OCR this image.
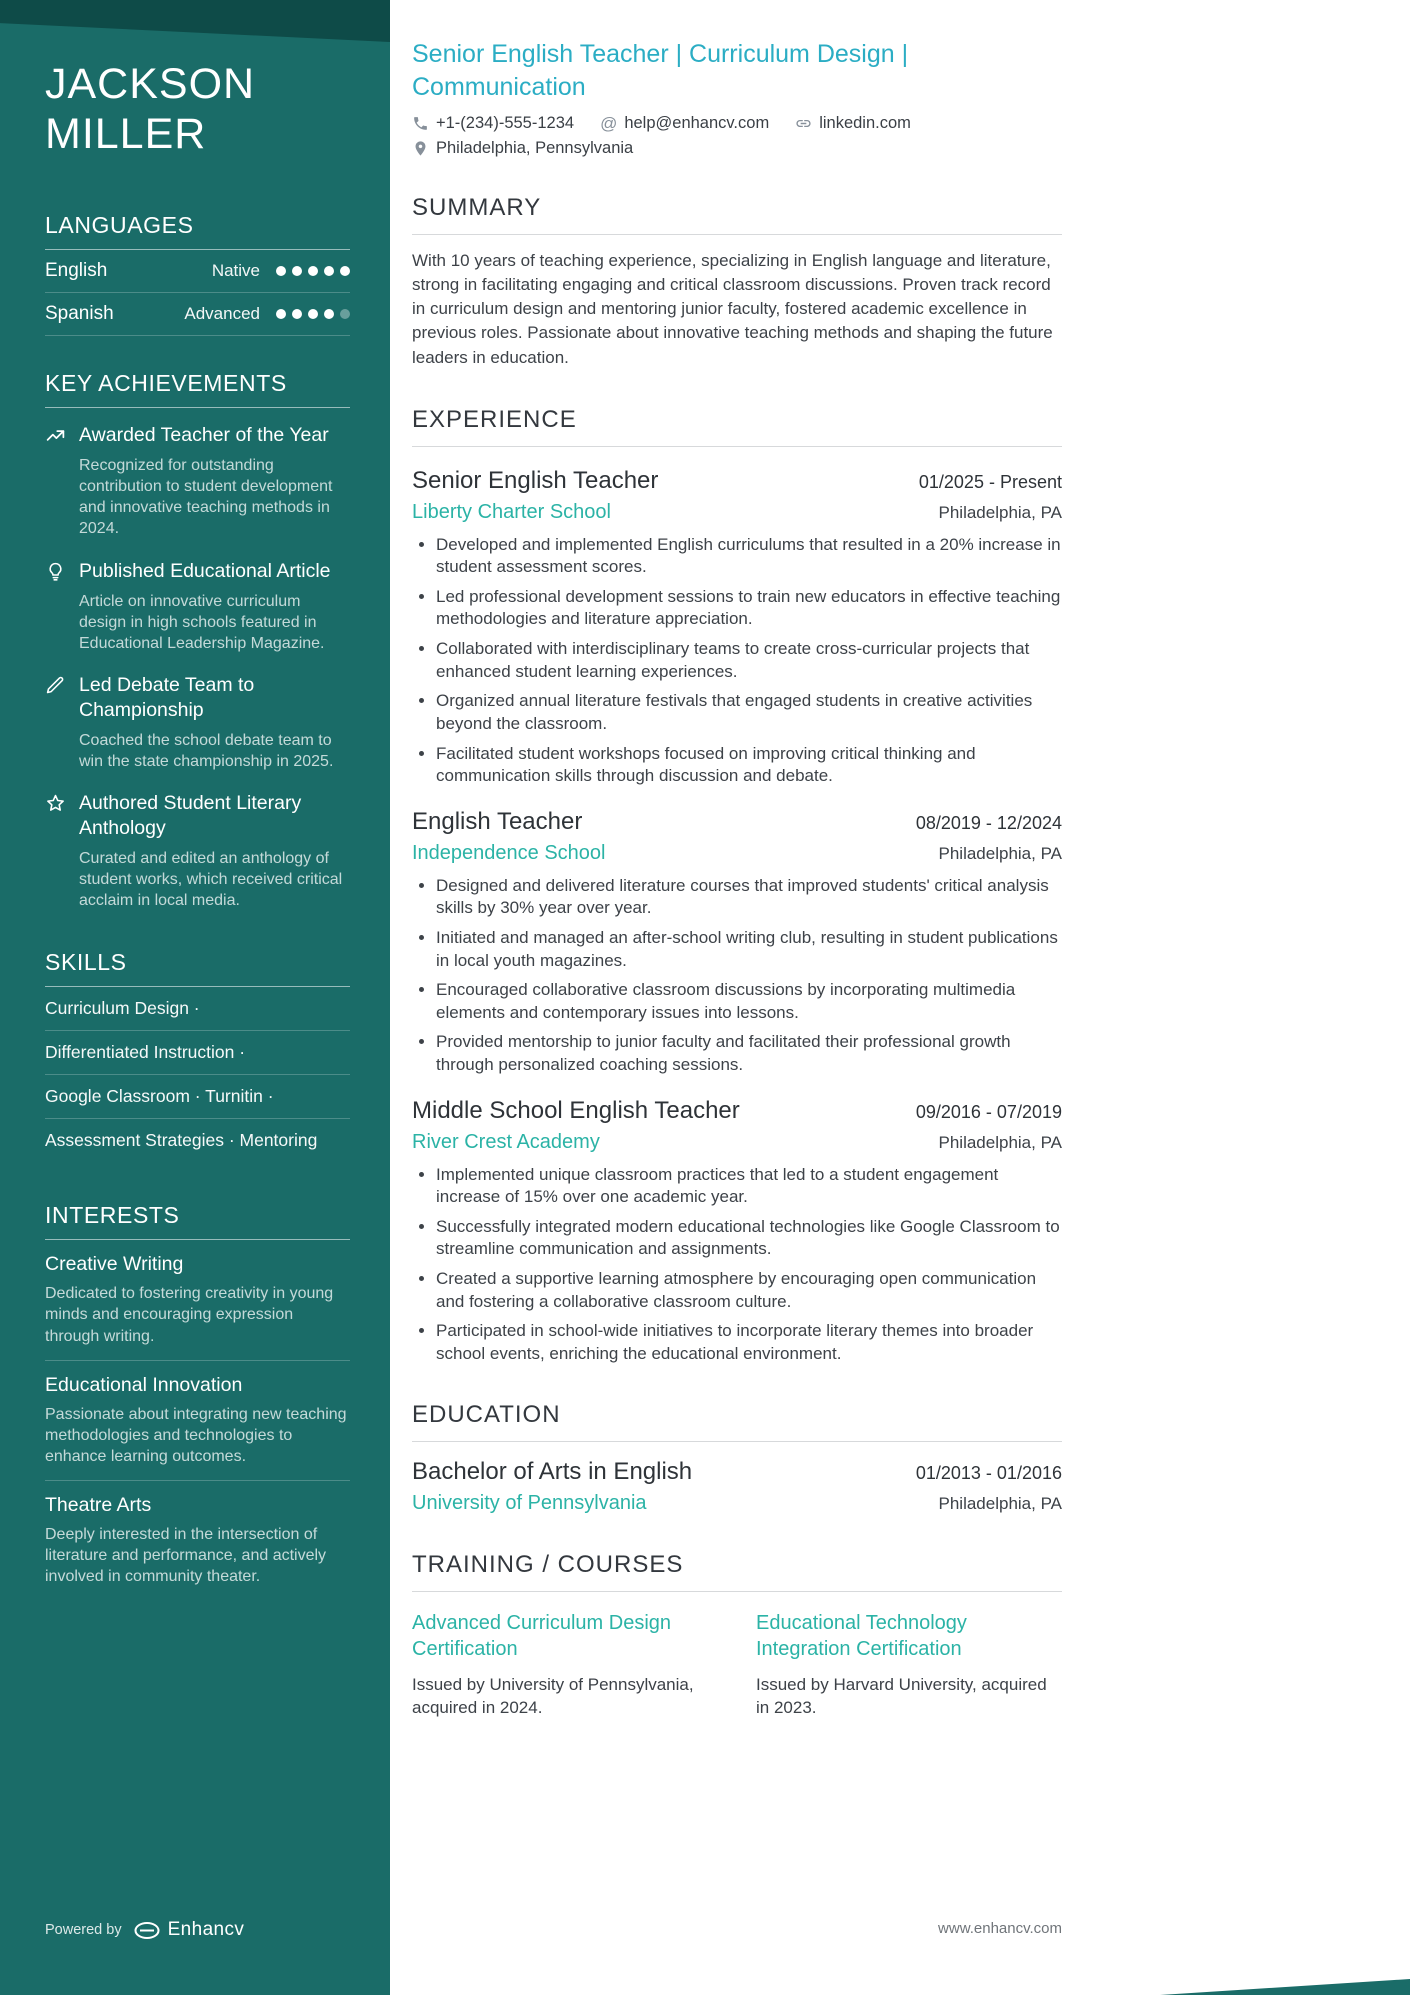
JACKSON MILLER
LANGUAGES
English	Native
Spanish	Advanced
KEY ACHIEVEMENTS
Awarded Teacher of the Year
Recognized for outstanding contribution to student development and innovative teaching methods in 2024.
Published Educational Article
Article on innovative curriculum design in high schools featured in Educational Leadership Magazine.
Led Debate Team to Championship
Coached the school debate team to win the state championship in 2025.
Authored Student Literary Anthology
Curated and edited an anthology of student works, which received critical acclaim in local media.
SKILLS
Curriculum Design ·
Differentiated Instruction ·
Google Classroom · Turnitin ·
Assessment Strategies · Mentoring
INTERESTS
Creative Writing
Dedicated to fostering creativity in young minds and encouraging expression through writing.
Educational Innovation
Passionate about integrating new teaching methodologies and technologies to enhance learning outcomes.
Theatre Arts
Deeply interested in the intersection of literature and performance, and actively involved in community theater.
Powered by Enhancv
Senior English Teacher | Curriculum Design | Communication
+1-(234)-555-1234 @ help@enhancv.com	linkedin.com
Philadelphia, Pennsylvania
SUMMARY
With 10 years of teaching experience, specializing in English language and literature, strong in facilitating engaging and critical classroom discussions. Proven track record in curriculum design and mentoring junior faculty, fostered academic excellence in previous roles. Passionate about innovative teaching methods and shaping the future leaders in education.
EXPERIENCE
Senior English Teacher	01/2025 - Present
Liberty Charter School	Philadelphia, PA
• Developed and implemented English curriculums that resulted in a 20% increase in student assessment scores.
• Led professional development sessions to train new educators in effective teaching methodologies and literature appreciation.
• Collaborated with interdisciplinary teams to create cross-curricular projects that enhanced student learning experiences.
• Organized annual literature festivals that engaged students in creative activities beyond the classroom.
• Facilitated student workshops focused on improving critical thinking and communication skills through discussion and debate.
English Teacher	08/2019 - 12/2024
Independence School	Philadelphia, PA
• Designed and delivered literature courses that improved students' critical analysis skills by 30% year over year.
• Initiated and managed an after-school writing club, resulting in student publications in local youth magazines.
• Encouraged collaborative classroom discussions by incorporating multimedia elements and contemporary issues into lessons.
• Provided mentorship to junior faculty and facilitated their professional growth through personalized coaching sessions.
Middle School English Teacher	09/2016 - 07/2019
River Crest Academy	Philadelphia, PA
• Implemented unique classroom practices that led to a student engagement increase of 15% over one academic year.
• Successfully integrated modern educational technologies like Google Classroom to streamline communication and assignments.
• Created a supportive learning atmosphere by encouraging open communication and fostering a collaborative classroom culture.
• Participated in school-wide initiatives to incorporate literary themes into broader school events, enriching the educational environment.
EDUCATION
Bachelor of Arts in English	01/2013 - 01/2016
University of Pennsylvania	Philadelphia, PA
TRAINING / COURSES
Advanced Curriculum Design Certification
Issued by University of Pennsylvania, acquired in 2024.
Educational Technology Integration Certification
Issued by Harvard University, acquired in 2023.
www.enhancv.com
